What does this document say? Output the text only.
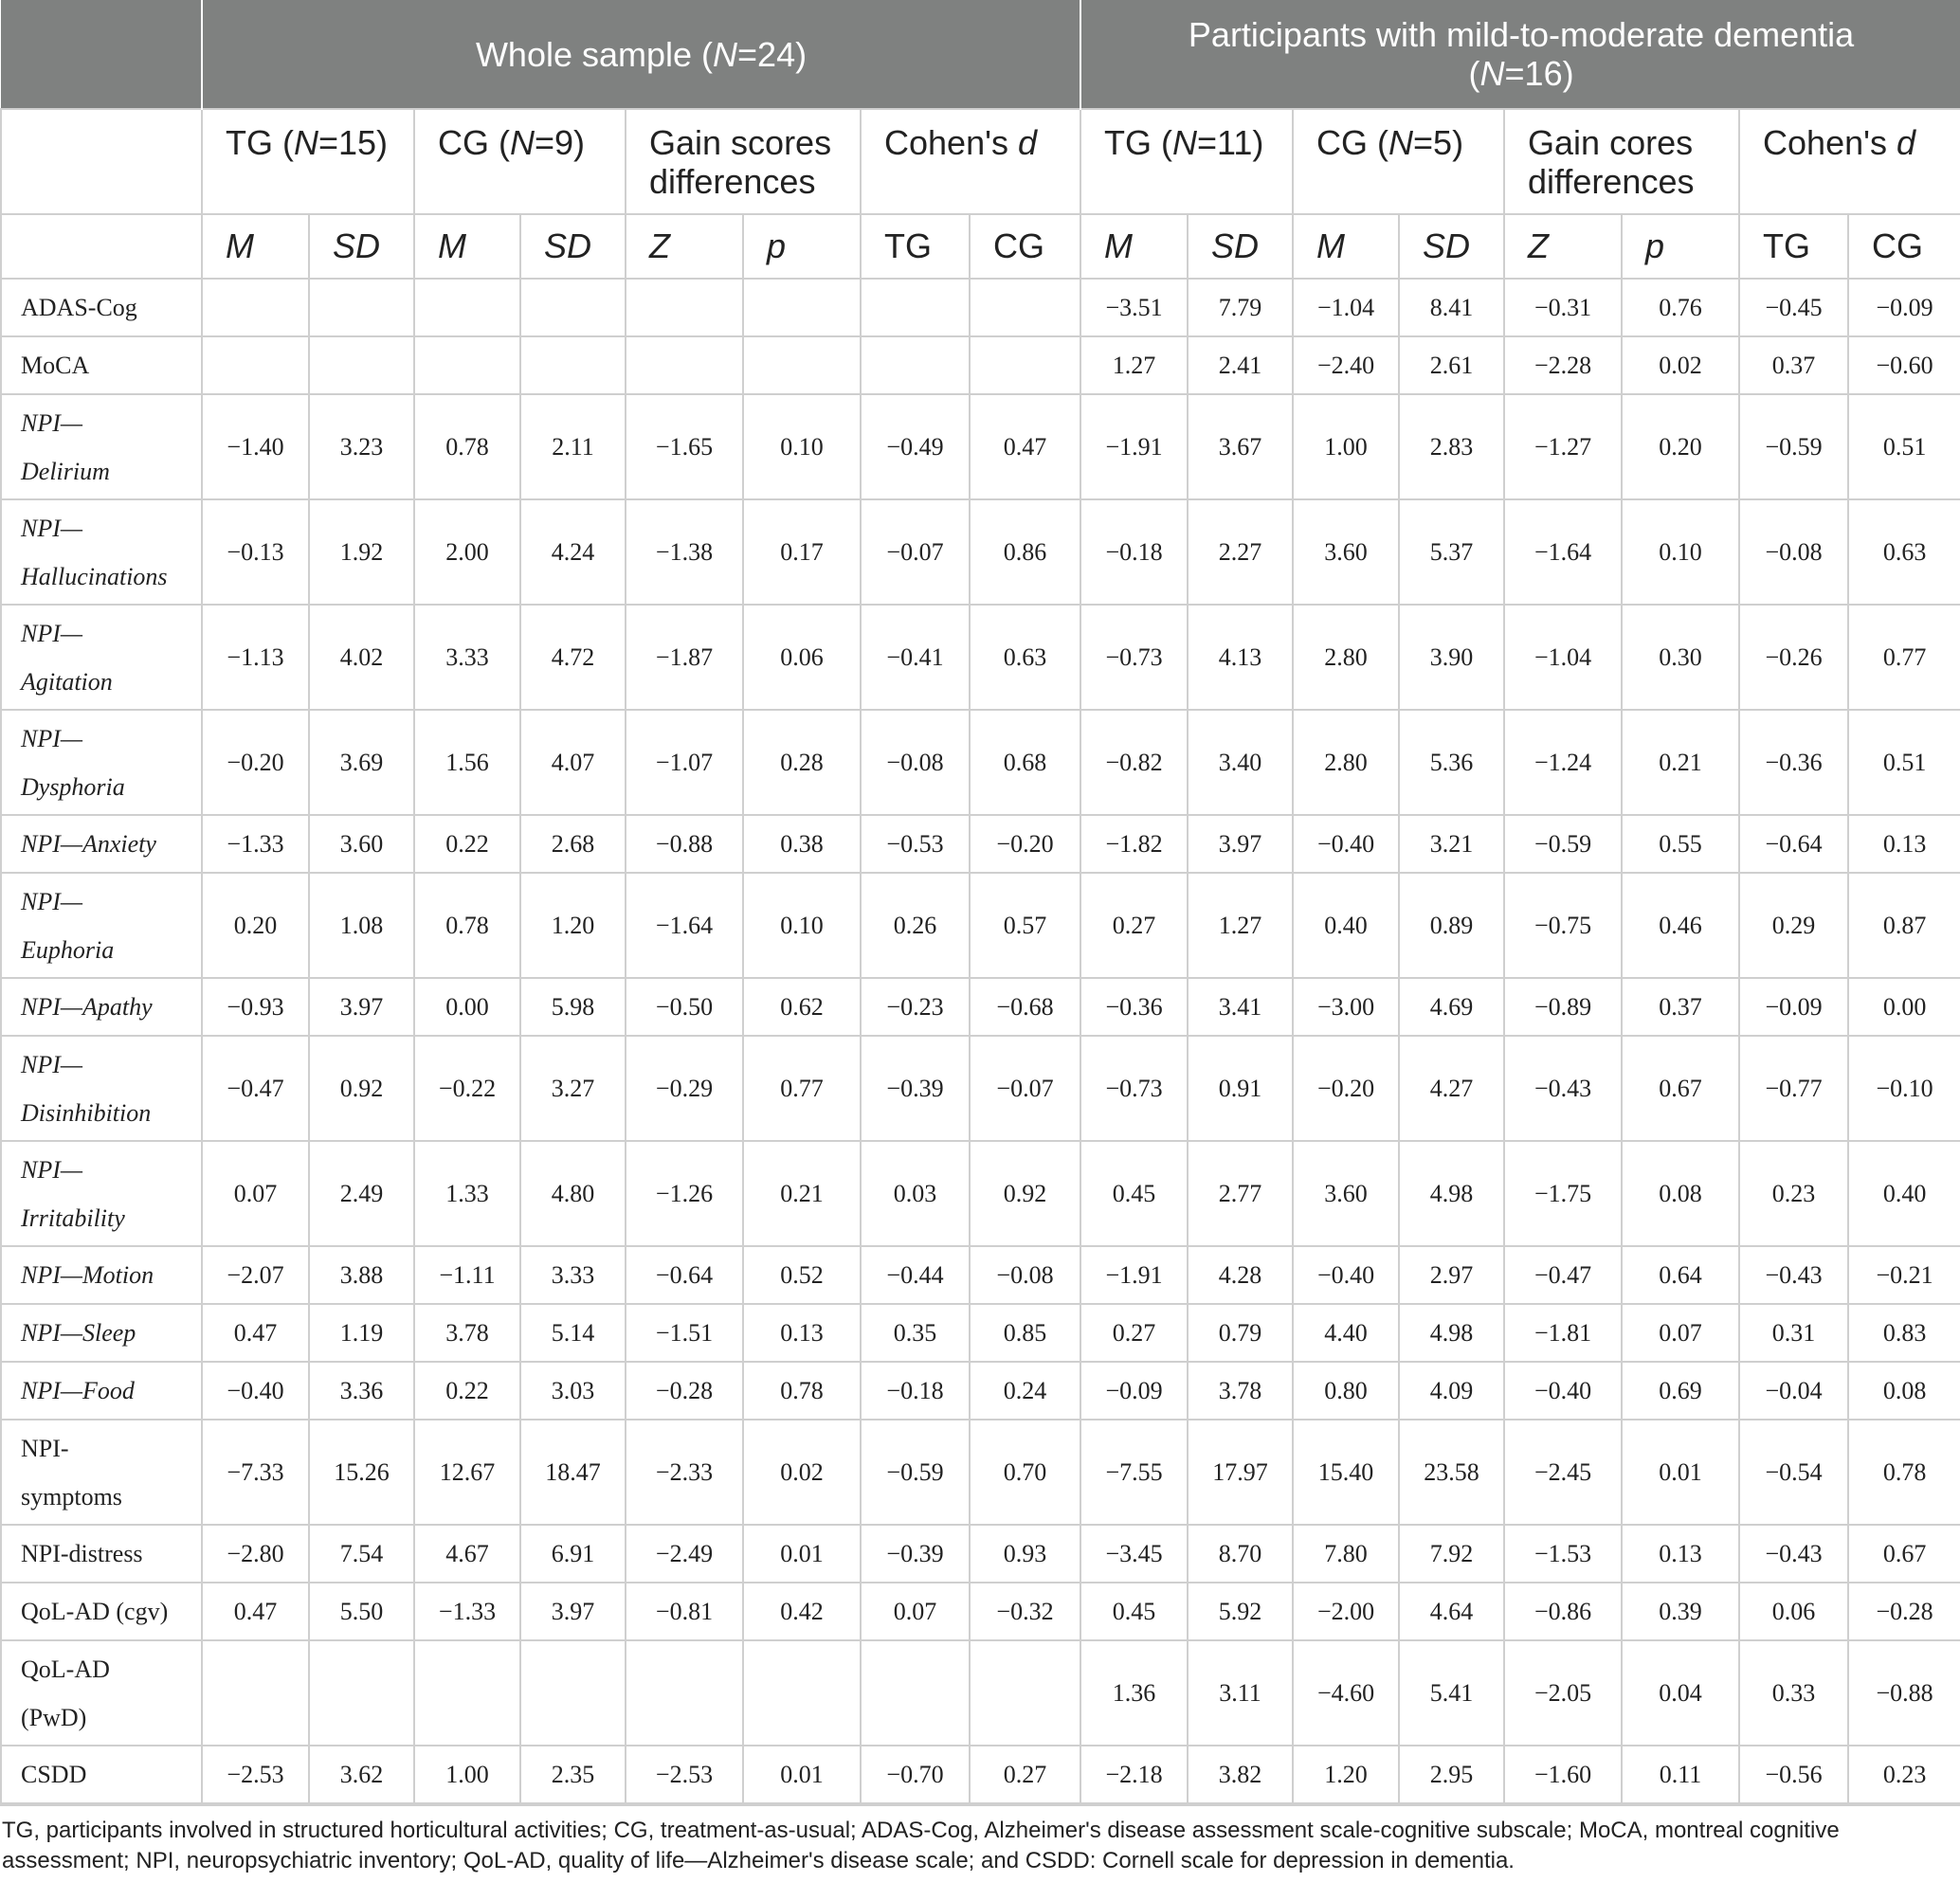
	Whole sample (N=24)								Participants with mild-to-moderate dementia
(N=16)							
	TG (N=15)		CG (N=9)		Gain scores differences		Cohen's d		TG (N=11)		CG (N=5)		Gain cores differences		Cohen's d	
	M	SD	M	SD	Z	p	TG	CG	M	SD	M	SD	Z	p	TG	CG

ADAS-Cog									−3.51	7.79	−1.04	8.41	−0.31	0.76	−0.45	−0.09

MoCA									1.27	2.41	−2.40	2.61	−2.28	0.02	0.37	−0.60

NPI—
Delirium	−1.40	3.23	0.78	2.11	−1.65	0.10	−0.49	0.47	−1.91	3.67	1.00	2.83	−1.27	0.20	−0.59	0.51

NPI—
Hallucinations	−0.13	1.92	2.00	4.24	−1.38	0.17	−0.07	0.86	−0.18	2.27	3.60	5.37	−1.64	0.10	−0.08	0.63

NPI—
Agitation	−1.13	4.02	3.33	4.72	−1.87	0.06	−0.41	0.63	−0.73	4.13	2.80	3.90	−1.04	0.30	−0.26	0.77

NPI—
Dysphoria	−0.20	3.69	1.56	4.07	−1.07	0.28	−0.08	0.68	−0.82	3.40	2.80	5.36	−1.24	0.21	−0.36	0.51

NPI—Anxiety	−1.33	3.60	0.22	2.68	−0.88	0.38	−0.53	−0.20	−1.82	3.97	−0.40	3.21	−0.59	0.55	−0.64	0.13

NPI—
Euphoria	0.20	1.08	0.78	1.20	−1.64	0.10	0.26	0.57	0.27	1.27	0.40	0.89	−0.75	0.46	0.29	0.87

NPI—Apathy	−0.93	3.97	0.00	5.98	−0.50	0.62	−0.23	−0.68	−0.36	3.41	−3.00	4.69	−0.89	0.37	−0.09	0.00

NPI—
Disinhibition	−0.47	0.92	−0.22	3.27	−0.29	0.77	−0.39	−0.07	−0.73	0.91	−0.20	4.27	−0.43	0.67	−0.77	−0.10

NPI—
Irritability	0.07	2.49	1.33	4.80	−1.26	0.21	0.03	0.92	0.45	2.77	3.60	4.98	−1.75	0.08	0.23	0.40

NPI—Motion	−2.07	3.88	−1.11	3.33	−0.64	0.52	−0.44	−0.08	−1.91	4.28	−0.40	2.97	−0.47	0.64	−0.43	−0.21

NPI—Sleep	0.47	1.19	3.78	5.14	−1.51	0.13	0.35	0.85	0.27	0.79	4.40	4.98	−1.81	0.07	0.31	0.83

NPI—Food	−0.40	3.36	0.22	3.03	−0.28	0.78	−0.18	0.24	−0.09	3.78	0.80	4.09	−0.40	0.69	−0.04	0.08

NPI-
symptoms	−7.33	15.26	12.67	18.47	−2.33	0.02	−0.59	0.70	−7.55	17.97	15.40	23.58	−2.45	0.01	−0.54	0.78

NPI-distress	−2.80	7.54	4.67	6.91	−2.49	0.01	−0.39	0.93	−3.45	8.70	7.80	7.92	−1.53	0.13	−0.43	0.67

QoL-AD (cgv)	0.47	5.50	−1.33	3.97	−0.81	0.42	0.07	−0.32	0.45	5.92	−2.00	4.64	−0.86	0.39	0.06	−0.28

QoL-AD
(PwD)									1.36	3.11	−4.60	5.41	−2.05	0.04	0.33	−0.88

CSDD	−2.53	3.62	1.00	2.35	−2.53	0.01	−0.70	0.27	−2.18	3.82	1.20	2.95	−1.60	0.11	−0.56	0.23

TG, participants involved in structured horticultural activities; CG, treatment-as-usual; ADAS-Cog, Alzheimer's disease assessment scale-cognitive subscale; MoCA, montreal cognitive

assessment; NPI, neuropsychiatric inventory; QoL-AD, quality of life—Alzheimer's disease scale; and CSDD: Cornell scale for depression in dementia.
